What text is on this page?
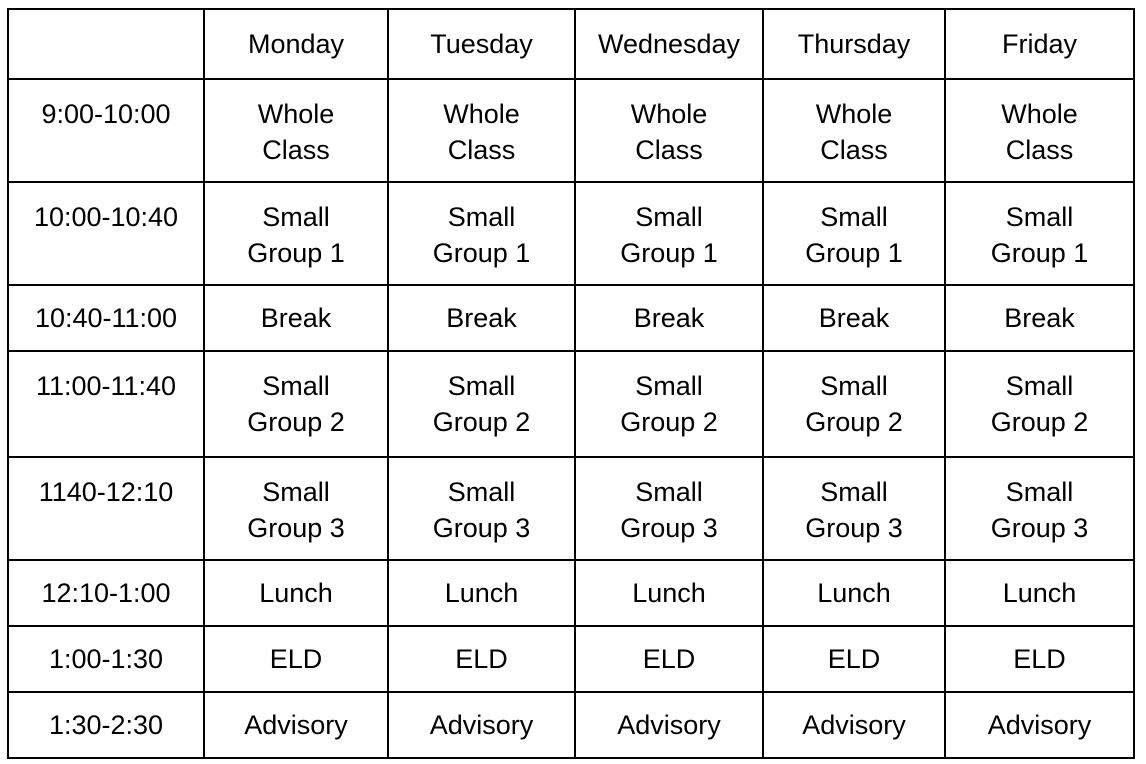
	Monday	Tuesday	Wednesday	Thursday	Friday
9:00-10:00	Whole Class	Whole Class	Whole Class	Whole Class	Whole Class
10:00-10:40	Small Group 1	Small Group 1	Small Group 1	Small Group 1	Small Group 1
10:40-11:00	Break	Break	Break	Break	Break
11:00-11:40	Small Group 2	Small Group 2	Small Group 2	Small Group 2	Small Group 2
1140-12:10	Small Group 3	Small Group 3	Small Group 3	Small Group 3	Small Group 3
12:10-1:00	Lunch	Lunch	Lunch	Lunch	Lunch
1:00-1:30	ELD	ELD	ELD	ELD	ELD
1:30-2:30	Advisory	Advisory	Advisory	Advisory	Advisory
